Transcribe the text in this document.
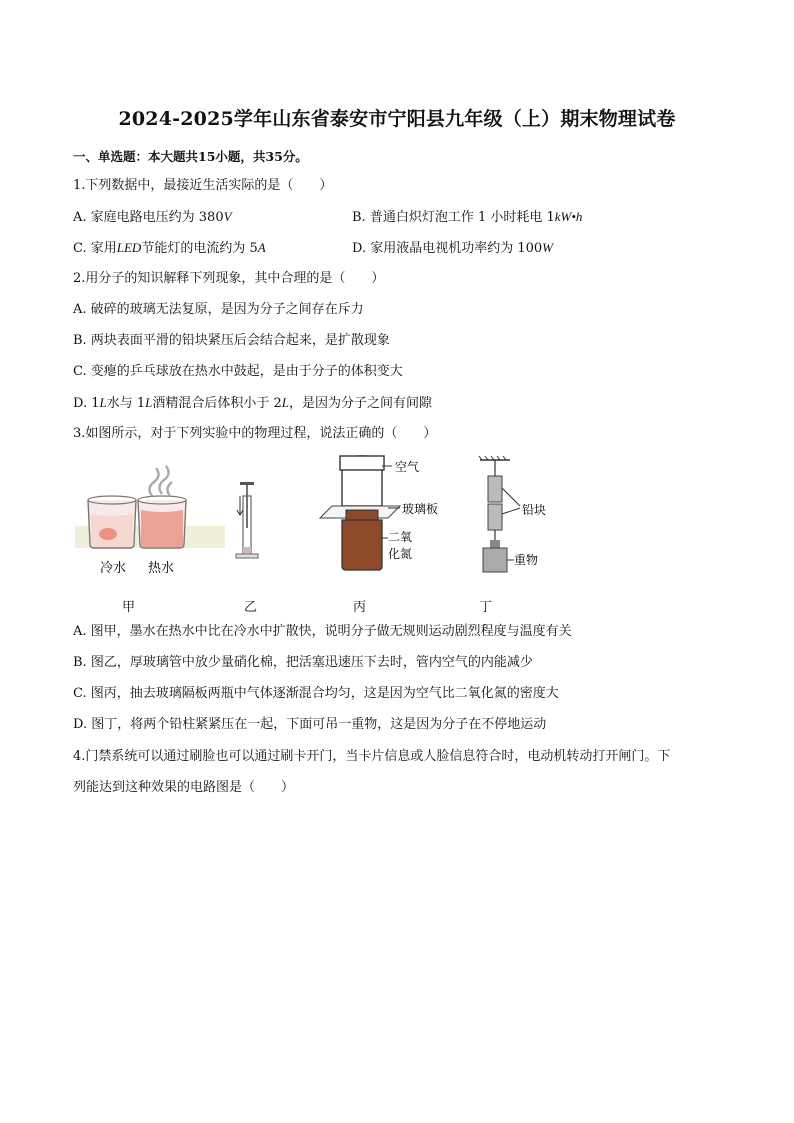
2024-2025学年山东省泰安市宁阳县九年级（上）期末物理试卷
一、单选题：本大题共15小题，共35分。
1.下列数据中，最接近生活实际的是（　　）
A. 家庭电路电压约为 380V	B. 普通白炽灯泡工作 1 小时耗电 1kW•h
C. 家用LED节能灯的电流约为 5A	D. 家用液晶电视机功率约为 100W
2.用分子的知识解释下列现象，其中合理的是（　　）
A. 破碎的玻璃无法复原，是因为分子之间存在斥力
B. 两块表面平滑的铅块紧压后会结合起来，是扩散现象
C. 变瘪的乒乓球放在热水中鼓起，是由于分子的体积变大
D. 1L水与 1L酒精混合后体积小于 2L，是因为分子之间有间隙
3.如图所示，对于下列实验中的物理过程，说法正确的（　　）
冷水 热水
空气
玻璃板
二氧
化氮
铅块
重物
甲	乙	丙	丁
A. 图甲，墨水在热水中比在冷水中扩散快，说明分子做无规则运动剧烈程度与温度有关
B. 图乙，厚玻璃管中放少量硝化棉，把活塞迅速压下去时，管内空气的内能减少
C. 图丙，抽去玻璃隔板两瓶中气体逐渐混合均匀，这是因为空气比二氧化氮的密度大
D. 图丁，将两个铅柱紧紧压在一起，下面可吊一重物，这是因为分子在不停地运动
4.门禁系统可以通过刷脸也可以通过刷卡开门，当卡片信息或人脸信息符合时，电动机转动打开闸门。下
列能达到这种效果的电路图是（　　）
